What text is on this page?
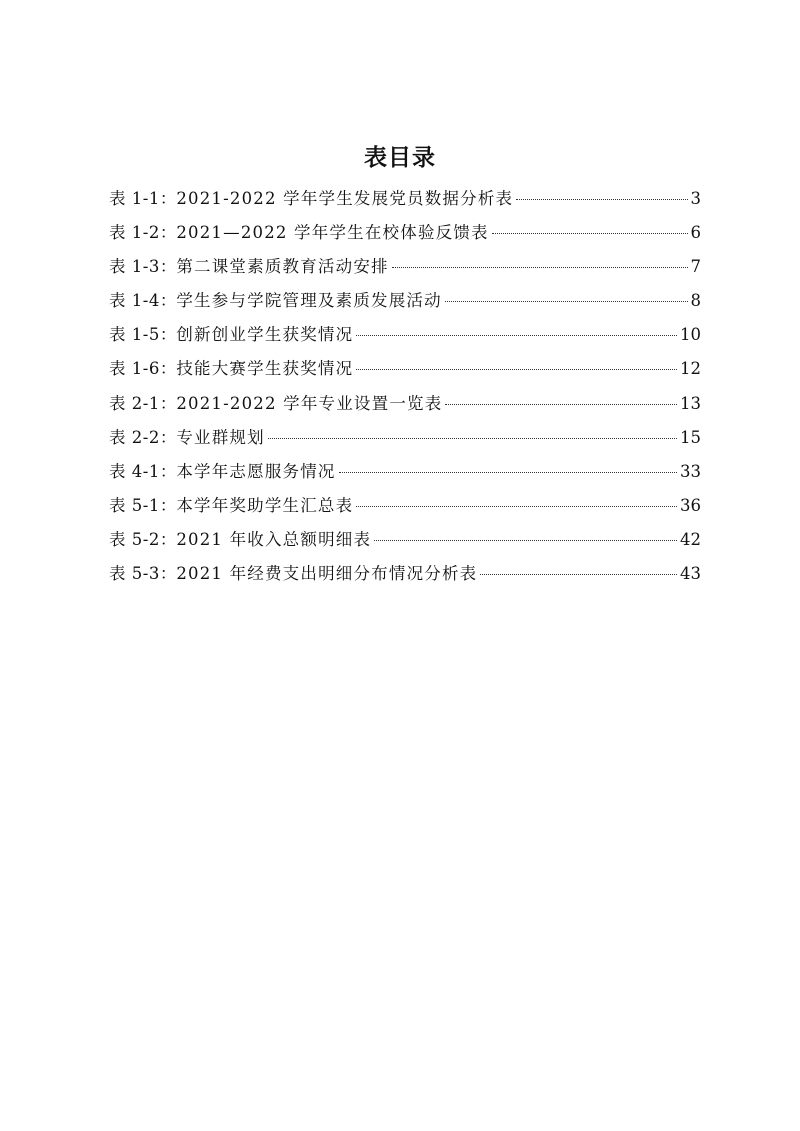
表目录
表 1-1 ： 2021-2022 学年学生发展党员数据分析表	3
表 1-2 ： 2021—2022 学年学生在校体验反馈表	6
表 1-3 ： 第二课堂素质教育活动安排	7
表 1-4 ： 学生参与学院管理及素质发展活动	8
表 1-5 ： 创新创业学生获奖情况	10
表 1-6 ： 技能大赛学生获奖情况	12
表 2-1 ： 2021-2022 学年专业设置一览表	13
表 2-2 ： 专业群规划	15
表 4-1 ： 本学年志愿服务情况	33
表 5-1 ： 本学年奖助学生汇总表	36
表 5-2 ： 2021 年收入总额明细表	42
表 5-3 ： 2021 年经费支出明细分布情况分析表	43
